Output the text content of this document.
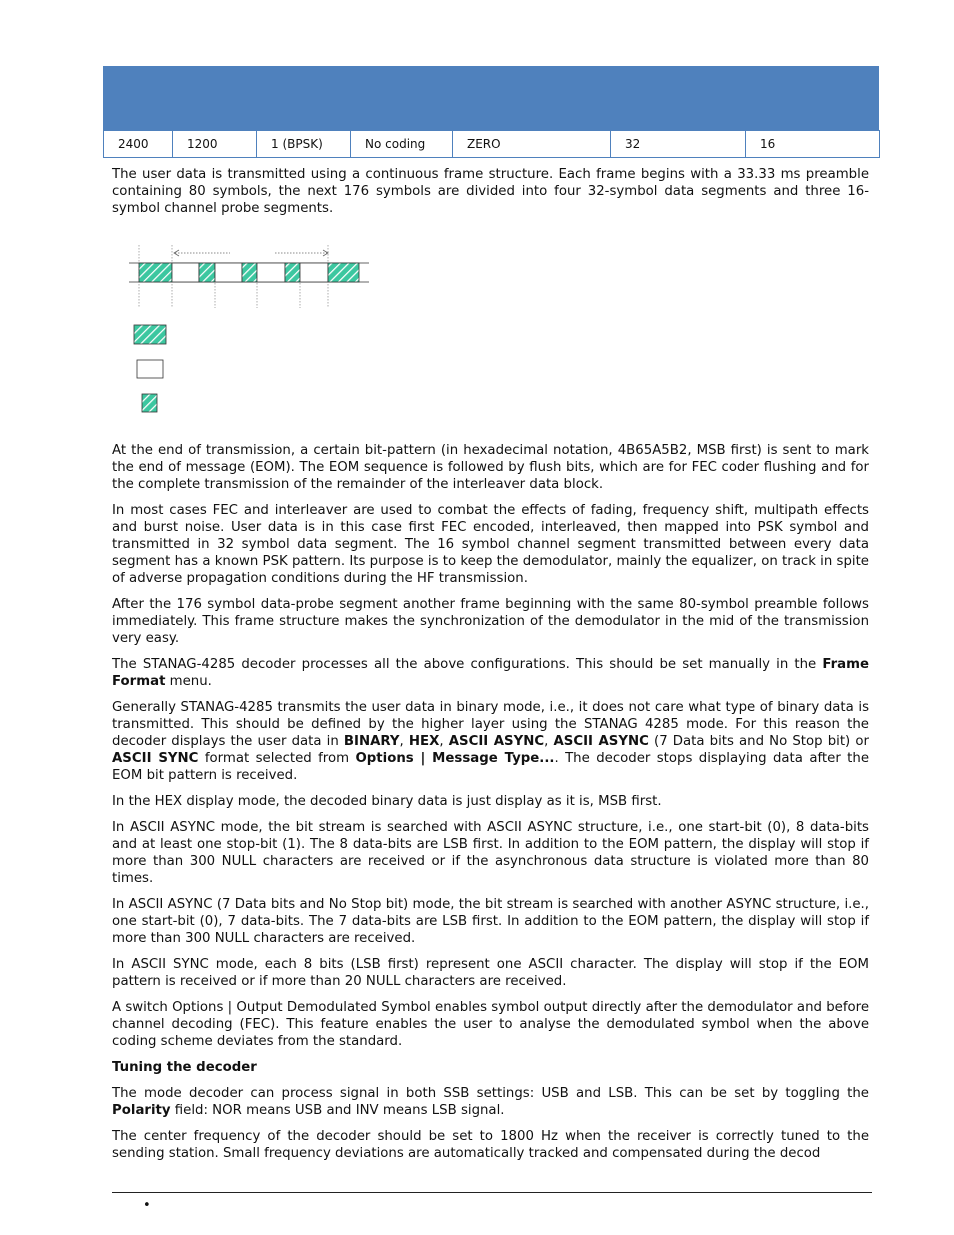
2400	1200	1 (BPSK)	No coding	ZERO	32	16

The user data is transmitted using a continuous frame structure. Each frame begins with a 33.33 ms preamble containing 80 symbols, the next 176 symbols are divided into four 32-symbol data segments and three 16-symbol channel probe segments.

At the end of transmission, a certain bit-pattern (in hexadecimal notation, 4B65A5B2, MSB first) is sent to mark the end of message (EOM). The EOM sequence is followed by flush bits, which are for FEC coder flushing and for the complete transmission of the remainder of the interleaver data block.

In most cases FEC and interleaver are used to combat the effects of fading, frequency shift, multipath effects and burst noise. User data is in this case first FEC encoded, interleaved, then mapped into PSK symbol and transmitted in 32 symbol data segment. The 16 symbol channel segment transmitted between every data segment has a known PSK pattern. Its purpose is to keep the demodulator, mainly the equalizer, on track in spite of adverse propagation conditions during the HF transmission.

After the 176 symbol data-probe segment another frame beginning with the same 80-symbol preamble follows immediately. This frame structure makes the synchronization of the demodulator in the mid of the transmission very easy.

The STANAG-4285 decoder processes all the above configurations. This should be set manually in the Frame Format menu.

Generally STANAG-4285 transmits the user data in binary mode, i.e., it does not care what type of binary data is transmitted. This should be defined by the higher layer using the STANAG 4285 mode. For this reason the decoder displays the user data in BINARY, HEX, ASCII ASYNC, ASCII ASYNC (7 Data bits and No Stop bit) or ASCII SYNC format selected from Options | Message Type.... The decoder stops displaying data after the EOM bit pattern is received.

In the HEX display mode, the decoded binary data is just display as it is, MSB first.

In ASCII ASYNC mode, the bit stream is searched with ASCII ASYNC structure, i.e., one start-bit (0), 8 data-bits and at least one stop-bit (1). The 8 data-bits are LSB first. In addition to the EOM pattern, the display will stop if more than 300 NULL characters are received or if the asynchronous data structure is violated more than 80 times.

In ASCII ASYNC (7 Data bits and No Stop bit) mode, the bit stream is searched with another ASYNC structure, i.e., one start-bit (0), 7 data-bits. The 7 data-bits are LSB first. In addition to the EOM pattern, the display will stop if more than 300 NULL characters are received.

In ASCII SYNC mode, each 8 bits (LSB first) represent one ASCII character. The display will stop if the EOM pattern is received or if more than 20 NULL characters are received.

A switch Options | Output Demodulated Symbol enables symbol output directly after the demodulator and before channel decoding (FEC). This feature enables the user to analyse the demodulated symbol when the above coding scheme deviates from the standard.

Tuning the decoder

The mode decoder can process signal in both SSB settings: USB and LSB. This can be set by toggling the Polarity field: NOR means USB and INV means LSB signal.

The center frequency of the decoder should be set to 1800 Hz when the receiver is correctly tuned to the sending station. Small frequency deviations are automatically tracked and compensated during the decod

•
